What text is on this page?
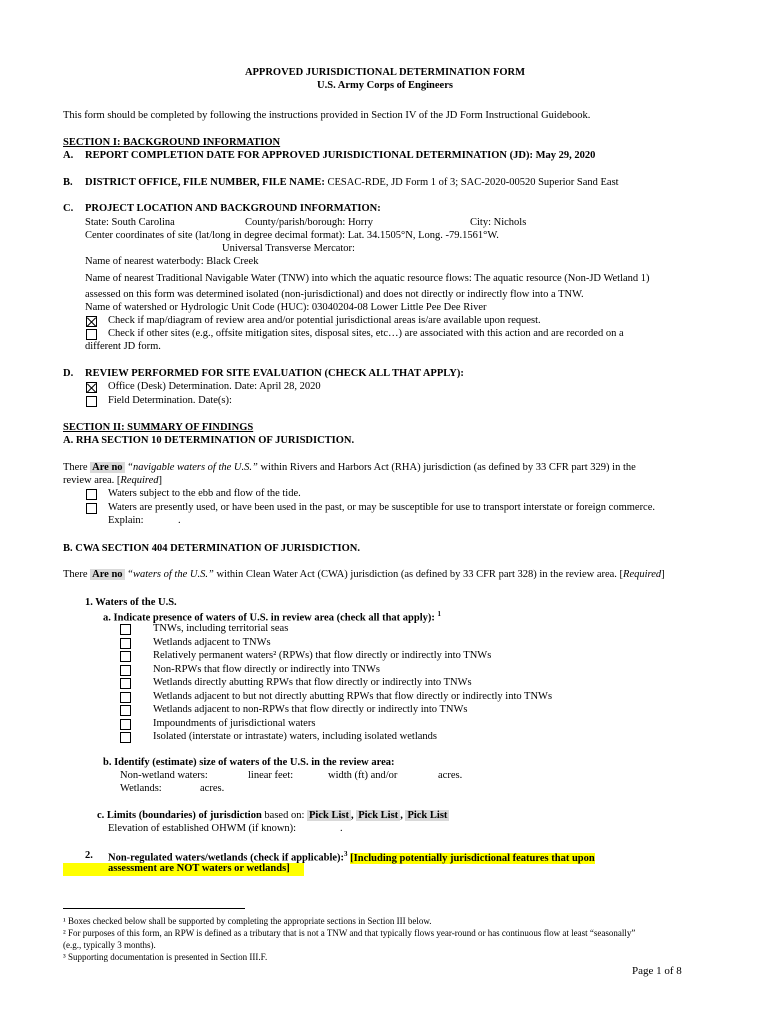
APPROVED JURISDICTIONAL DETERMINATION FORM
U.S. Army Corps of Engineers
This form should be completed by following the instructions provided in Section IV of the JD Form Instructional Guidebook.
SECTION I: BACKGROUND INFORMATION
A. REPORT COMPLETION DATE FOR APPROVED JURISDICTIONAL DETERMINATION (JD): May 29, 2020
B. DISTRICT OFFICE, FILE NUMBER, FILE NAME: CESAC-RDE, JD Form 1 of 3; SAC-2020-00520 Superior Sand East
C. PROJECT LOCATION AND BACKGROUND INFORMATION:
State: South Carolina	County/parish/borough: Horry	City: Nichols
Center coordinates of site (lat/long in degree decimal format): Lat. 34.1505°N, Long. -79.1561°W.
Universal Transverse Mercator:
Name of nearest waterbody: Black Creek
Name of nearest Traditional Navigable Water (TNW) into which the aquatic resource flows: The aquatic resource (Non-JD Wetland 1)
assessed on this form was determined isolated (non-jurisdictional) and does not directly or indirectly flow into a TNW.
Name of watershed or Hydrologic Unit Code (HUC): 03040204-08 Lower Little Pee Dee River
Check if map/diagram of review area and/or potential jurisdictional areas is/are available upon request.
Check if other sites (e.g., offsite mitigation sites, disposal sites, etc…) are associated with this action and are recorded on a
different JD form.
D. REVIEW PERFORMED FOR SITE EVALUATION (CHECK ALL THAT APPLY):
Office (Desk) Determination. Date: April 28, 2020
Field Determination. Date(s):
SECTION II: SUMMARY OF FINDINGS
A. RHA SECTION 10 DETERMINATION OF JURISDICTION.
There Are no “navigable waters of the U.S.” within Rivers and Harbors Act (RHA) jurisdiction (as defined by 33 CFR part 329) in the
review area. [Required]
Waters subject to the ebb and flow of the tide.
Waters are presently used, or have been used in the past, or may be susceptible for use to transport interstate or foreign commerce.
Explain:	.
B. CWA SECTION 404 DETERMINATION OF JURISDICTION.
There Are no “waters of the U.S.” within Clean Water Act (CWA) jurisdiction (as defined by 33 CFR part 328) in the review area. [Required]
1. Waters of the U.S.
a. Indicate presence of waters of U.S. in review area (check all that apply): $^1$
TNWs, including territorial seas
Wetlands adjacent to TNWs
Relatively permanent waters² (RPWs) that flow directly or indirectly into TNWs
Non-RPWs that flow directly or indirectly into TNWs
Wetlands directly abutting RPWs that flow directly or indirectly into TNWs
Wetlands adjacent to but not directly abutting RPWs that flow directly or indirectly into TNWs
Wetlands adjacent to non-RPWs that flow directly or indirectly into TNWs
Impoundments of jurisdictional waters
Isolated (interstate or intrastate) waters, including isolated wetlands
b. Identify (estimate) size of waters of the U.S. in the review area:
Non-wetland waters:	linear feet:	width (ft) and/or	acres.
Wetlands:	acres.
c. Limits (boundaries) of jurisdiction based on: Pick List , Pick List , Pick List
Elevation of established OHWM (if known):	.
2. Non-regulated waters/wetlands (check if applicable):$^3$ [Including potentially jurisdictional features that upon
assessment are NOT waters or wetlands]
¹ Boxes checked below shall be supported by completing the appropriate sections in Section III below.
² For purposes of this form, an RPW is defined as a tributary that is not a TNW and that typically flows year-round or has continuous flow at least “seasonally”
(e.g., typically 3 months).
³ Supporting documentation is presented in Section III.F.
Page 1 of 8
